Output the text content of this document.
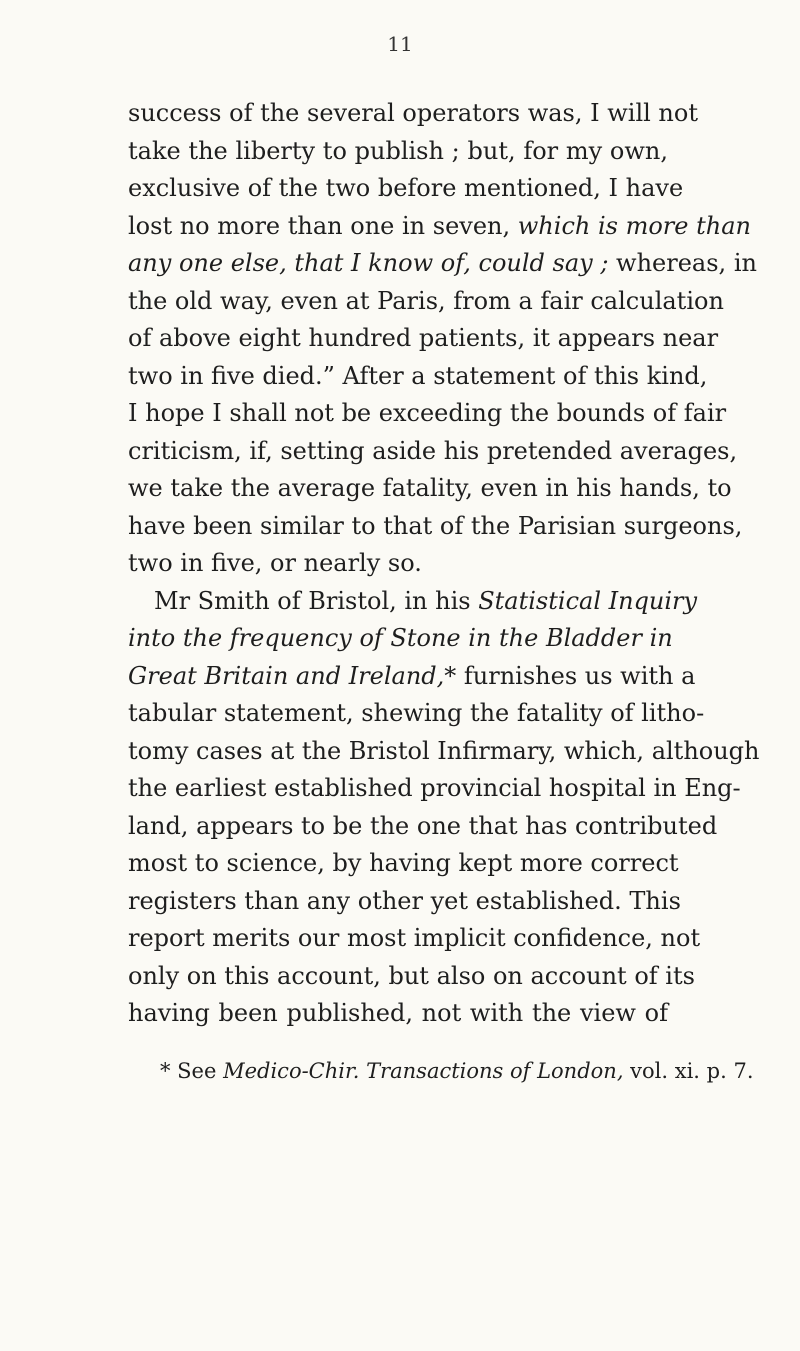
11
success of the several operators was, I will not
take the liberty to publish ; but, for my own,
exclusive of the two before mentioned, I have
lost no more than one in seven, which is more than
any one else, that I know of, could say ; whereas, in
the old way, even at Paris, from a fair calculation
of above eight hundred patients, it appears near
two in five died.” After a statement of this kind,
I hope I shall not be exceeding the bounds of fair
criticism, if, setting aside his pretended averages,
we take the average fatality, even in his hands, to
have been similar to that of the Parisian surgeons,
two in five, or nearly so.
Mr Smith of Bristol, in his Statistical Inquiry
into the frequency of Stone in the Bladder in
Great Britain and Ireland,* furnishes us with a
tabular statement, shewing the fatality of litho-
tomy cases at the Bristol Infirmary, which, although
the earliest established provincial hospital in Eng-
land, appears to be the one that has contributed
most to science, by having kept more correct
registers than any other yet established. This
report merits our most implicit confidence, not
only on this account, but also on account of its
having been published, not with the view of
* See Medico-Chir. Transactions of London, vol. xi. p. 7.
